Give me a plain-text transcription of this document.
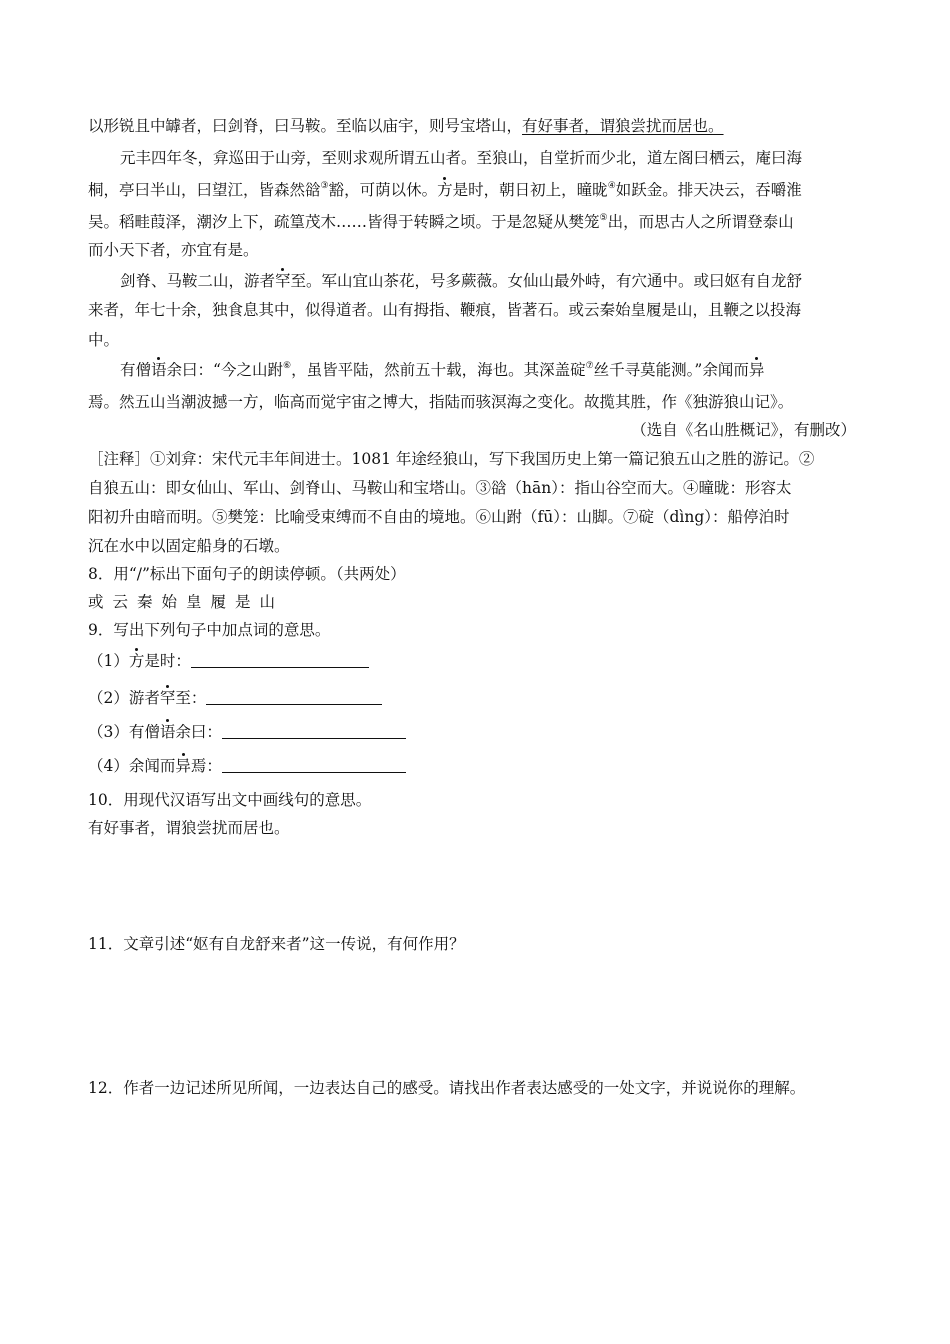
以形锐且中罅者，曰剑脊，曰马鞍。至临以庙宇，则号宝塔山，有好事者，谓狼尝扰而居也。
元丰四年冬，弇巡田于山旁，至则求观所谓五山者。至狼山，自堂折而少北，道左阁曰栖云，庵曰海
桐，亭曰半山，曰望江，皆森然谽③豁，可荫以休。方是时，朝日初上，曈昽④如跃金。排天决云，吞嚼淮
吴。稻畦葭泽，潮汐上下，疏篁茂木……皆得于转瞬之顷。于是忽疑从樊笼⑤出，而思古人之所谓登泰山
而小天下者，亦宜有是。
剑脊、马鞍二山，游者罕至。军山宜山茶花，号多蕨薇。女仙山最外峙，有穴通中。或曰妪有自龙舒
来者，年七十余，独食息其中，似得道者。山有拇指、鞭痕，皆著石。或云秦始皇履是山，且鞭之以投海
中。
有僧语余曰：“今之山跗⑥，虽皆平陆，然前五十载，海也。其深盖碇⑦丝千寻莫能测。”余闻而异
焉。然五山当潮波撼一方，临高而觉宇宙之博大，指陆而骇溟海之变化。故揽其胜，作《独游狼山记》。
（选自《名山胜概记》，有删改）
［注释］①刘弇：宋代元丰年间进士。1081 年途经狼山，写下我国历史上第一篇记狼五山之胜的游记。②
自狼五山：即女仙山、军山、剑脊山、马鞍山和宝塔山。③谽（hān）：指山谷空而大。④曈昽：形容太
阳初升由暗而明。⑤樊笼：比喻受束缚而不自由的境地。⑥山跗（fū）：山脚。⑦碇（dìng）：船停泊时
沉在水中以固定船身的石墩。
8．用“/”标出下面句子的朗读停顿。（共两处）
或云秦始皇履是山
9．写出下列句子中加点词的意思。
（1）方是时：
（2）游者罕至：
（3）有僧语余曰：
（4）余闻而异焉：
10．用现代汉语写出文中画线句的意思。
有好事者，谓狼尝扰而居也。
11．文章引述“妪有自龙舒来者”这一传说，有何作用？
12．作者一边记述所见所闻，一边表达自己的感受。请找出作者表达感受的一处文字，并说说你的理解。
